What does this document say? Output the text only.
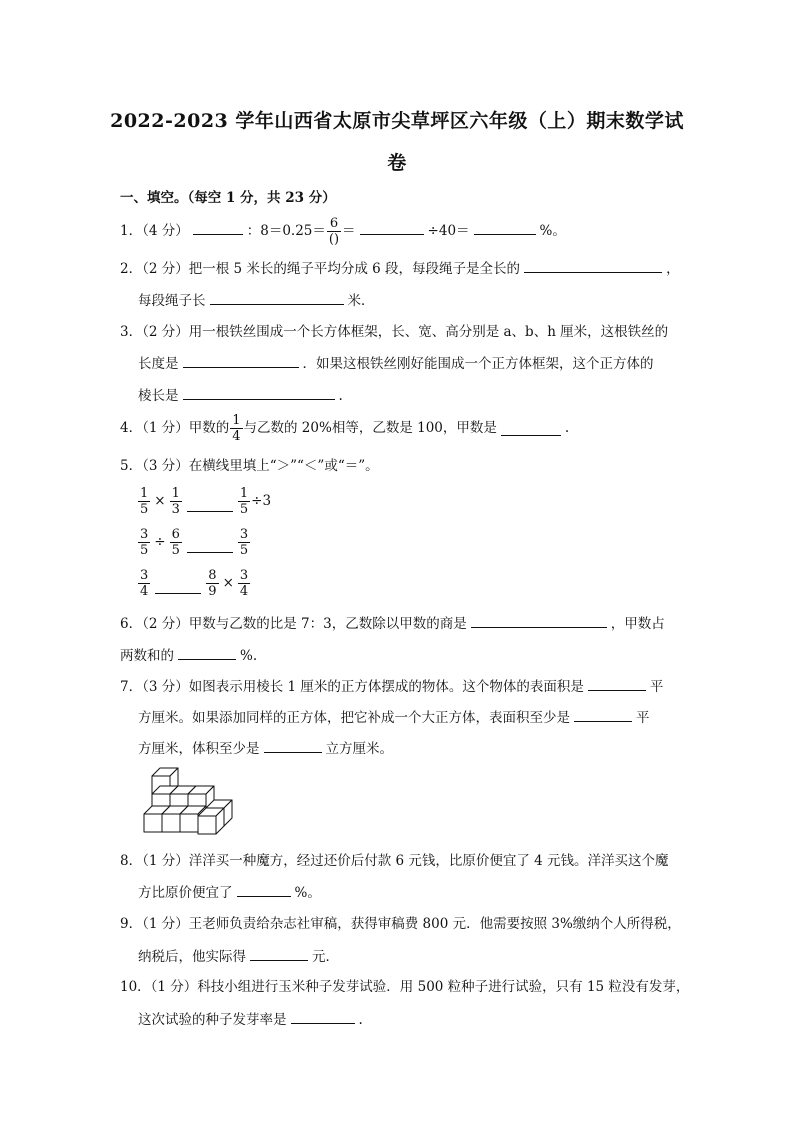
2022-2023 学年山西省太原市尖草坪区六年级（上）期末数学试
卷
一、填空。（每空 1 分，共 23 分）
1．（4 分）	：$8=0.25= \frac{6}{()}$ ＝	÷40＝	%。
2．（2 分）把一根 5 米长的绳子平均分成 6 段，每段绳子是全长的	，
每段绳子长	米．
3．（2 分）用一根铁丝围成一个长方体框架，长、宽、高分别是 a、b、h 厘米，这根铁丝的
长度是	．如果这根铁丝刚好能围成一个正方体框架，这个正方体的
棱长是	.
4．（1 分）甲数的 $\frac{1}{4}$ 与乙数的 20%相等，乙数是 100，甲数是	.
5．（3 分）在横线里填上“＞”“＜”或“＝”。
$\frac{1}{5} \times \frac{1}{3}$	$\frac{1}{5} \div 3$
$\frac{3}{5} \div \frac{6}{5}$	$\frac{3}{5}$
$\frac{3}{4}$	$\frac{8}{9} \times \frac{3}{4}$
6．（2 分）甲数与乙数的比是 7：3，乙数除以甲数的商是	，甲数占
两数和的	%.
7．（3 分）如图表示用棱长 1 厘米的正方体摆成的物体。这个物体的表面积是	平
方厘米。如果添加同样的正方体，把它补成一个大正方体，表面积至少是	平
方厘米，体积至少是	立方厘米。
8．（1 分）洋洋买一种魔方，经过还价后付款 6 元钱，比原价便宜了 4 元钱。洋洋买这个魔
方比原价便宜了	%。
9．（1 分）王老师负责给杂志社审稿，获得审稿费 800 元．他需要按照 3%缴纳个人所得税，
纳税后，他实际得	元．
10．（1 分）科技小组进行玉米种子发芽试验．用 500 粒种子进行试验，只有 15 粒没有发芽，
这次试验的种子发芽率是	.
